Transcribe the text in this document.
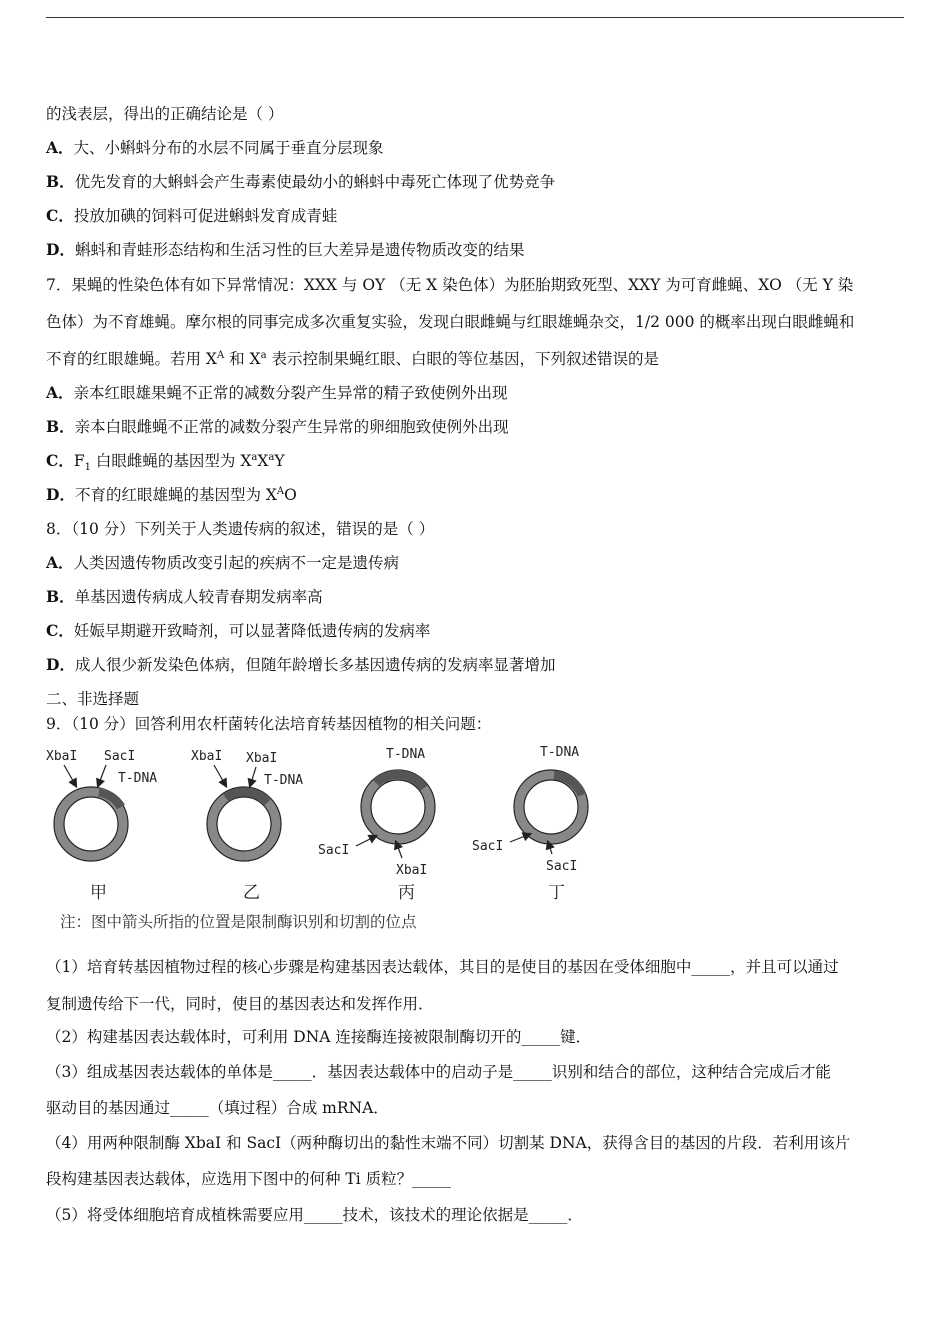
的浅表层，得出的正确结论是（ ）
A．大、小蝌蚪分布的水层不同属于垂直分层现象
B．优先发育的大蝌蚪会产生毒素使最幼小的蝌蚪中毒死亡体现了优势竞争
C．投放加碘的饲料可促进蝌蚪发育成青蛙
D．蝌蚪和青蛙形态结构和生活习性的巨大差异是遗传物质改变的结果
7．果蝇的性染色体有如下异常情况：XXX 与 OY （无 X 染色体）为胚胎期致死型、XXY 为可育雌蝇、XO （无 Y 染
色体）为不育雄蝇。摩尔根的同事完成多次重复实验，发现白眼雌蝇与红眼雄蝇杂交，1/2 000 的概率出现白眼雌蝇和
不育的红眼雄蝇。若用 $X^A$ 和 $X^a$ 表示控制果蝇红眼、白眼的等位基因，下列叙述错误的是
A．亲本红眼雄果蝇不正常的减数分裂产生异常的精子致使例外出现
B．亲本白眼雌蝇不正常的减数分裂产生异常的卵细胞致使例外出现
C．$F_1$ 白眼雌蝇的基因型为 $X^aX^aY$
D．不育的红眼雄蝇的基因型为 $X^AO$
8．（10 分）下列关于人类遗传病的叙述，错误的是（ ）
A．人类因遗传物质改变引起的疾病不一定是遗传病
B．单基因遗传病成人较青春期发病率高
C．妊娠早期避开致畸剂，可以显著降低遗传病的发病率
D．成人很少新发染色体病，但随年龄增长多基因遗传病的发病率显著增加
二、非选择题
9．（10 分）回答利用农杆菌转化法培育转基因植物的相关问题：
XbaI SacI
T-DNA
甲
XbaI XbaI
T-DNA
乙
T-DNA
SacI
XbaI
丙
T-DNA
SacI
SacI
丁
注：图中箭头所指的位置是限制酶识别和切割的位点
（1）培育转基因植物过程的核心步骤是构建基因表达载体，其目的是使目的基因在受体细胞中_____，并且可以通过
复制遗传给下一代，同时，使目的基因表达和发挥作用．
（2）构建基因表达载体时，可利用 DNA 连接酶连接被限制酶切开的_____键．
（3）组成基因表达载体的单体是_____．基因表达载体中的启动子是_____识别和结合的部位，这种结合完成后才能
驱动目的基因通过_____（填过程）合成 mRNA．
（4）用两种限制酶 XbaI 和 SacI（两种酶切出的黏性末端不同）切割某 DNA，获得含目的基因的片段．若利用该片
段构建基因表达载体，应选用下图中的何种 Ti 质粒？_____
（5）将受体细胞培育成植株需要应用_____技术，该技术的理论依据是_____．
